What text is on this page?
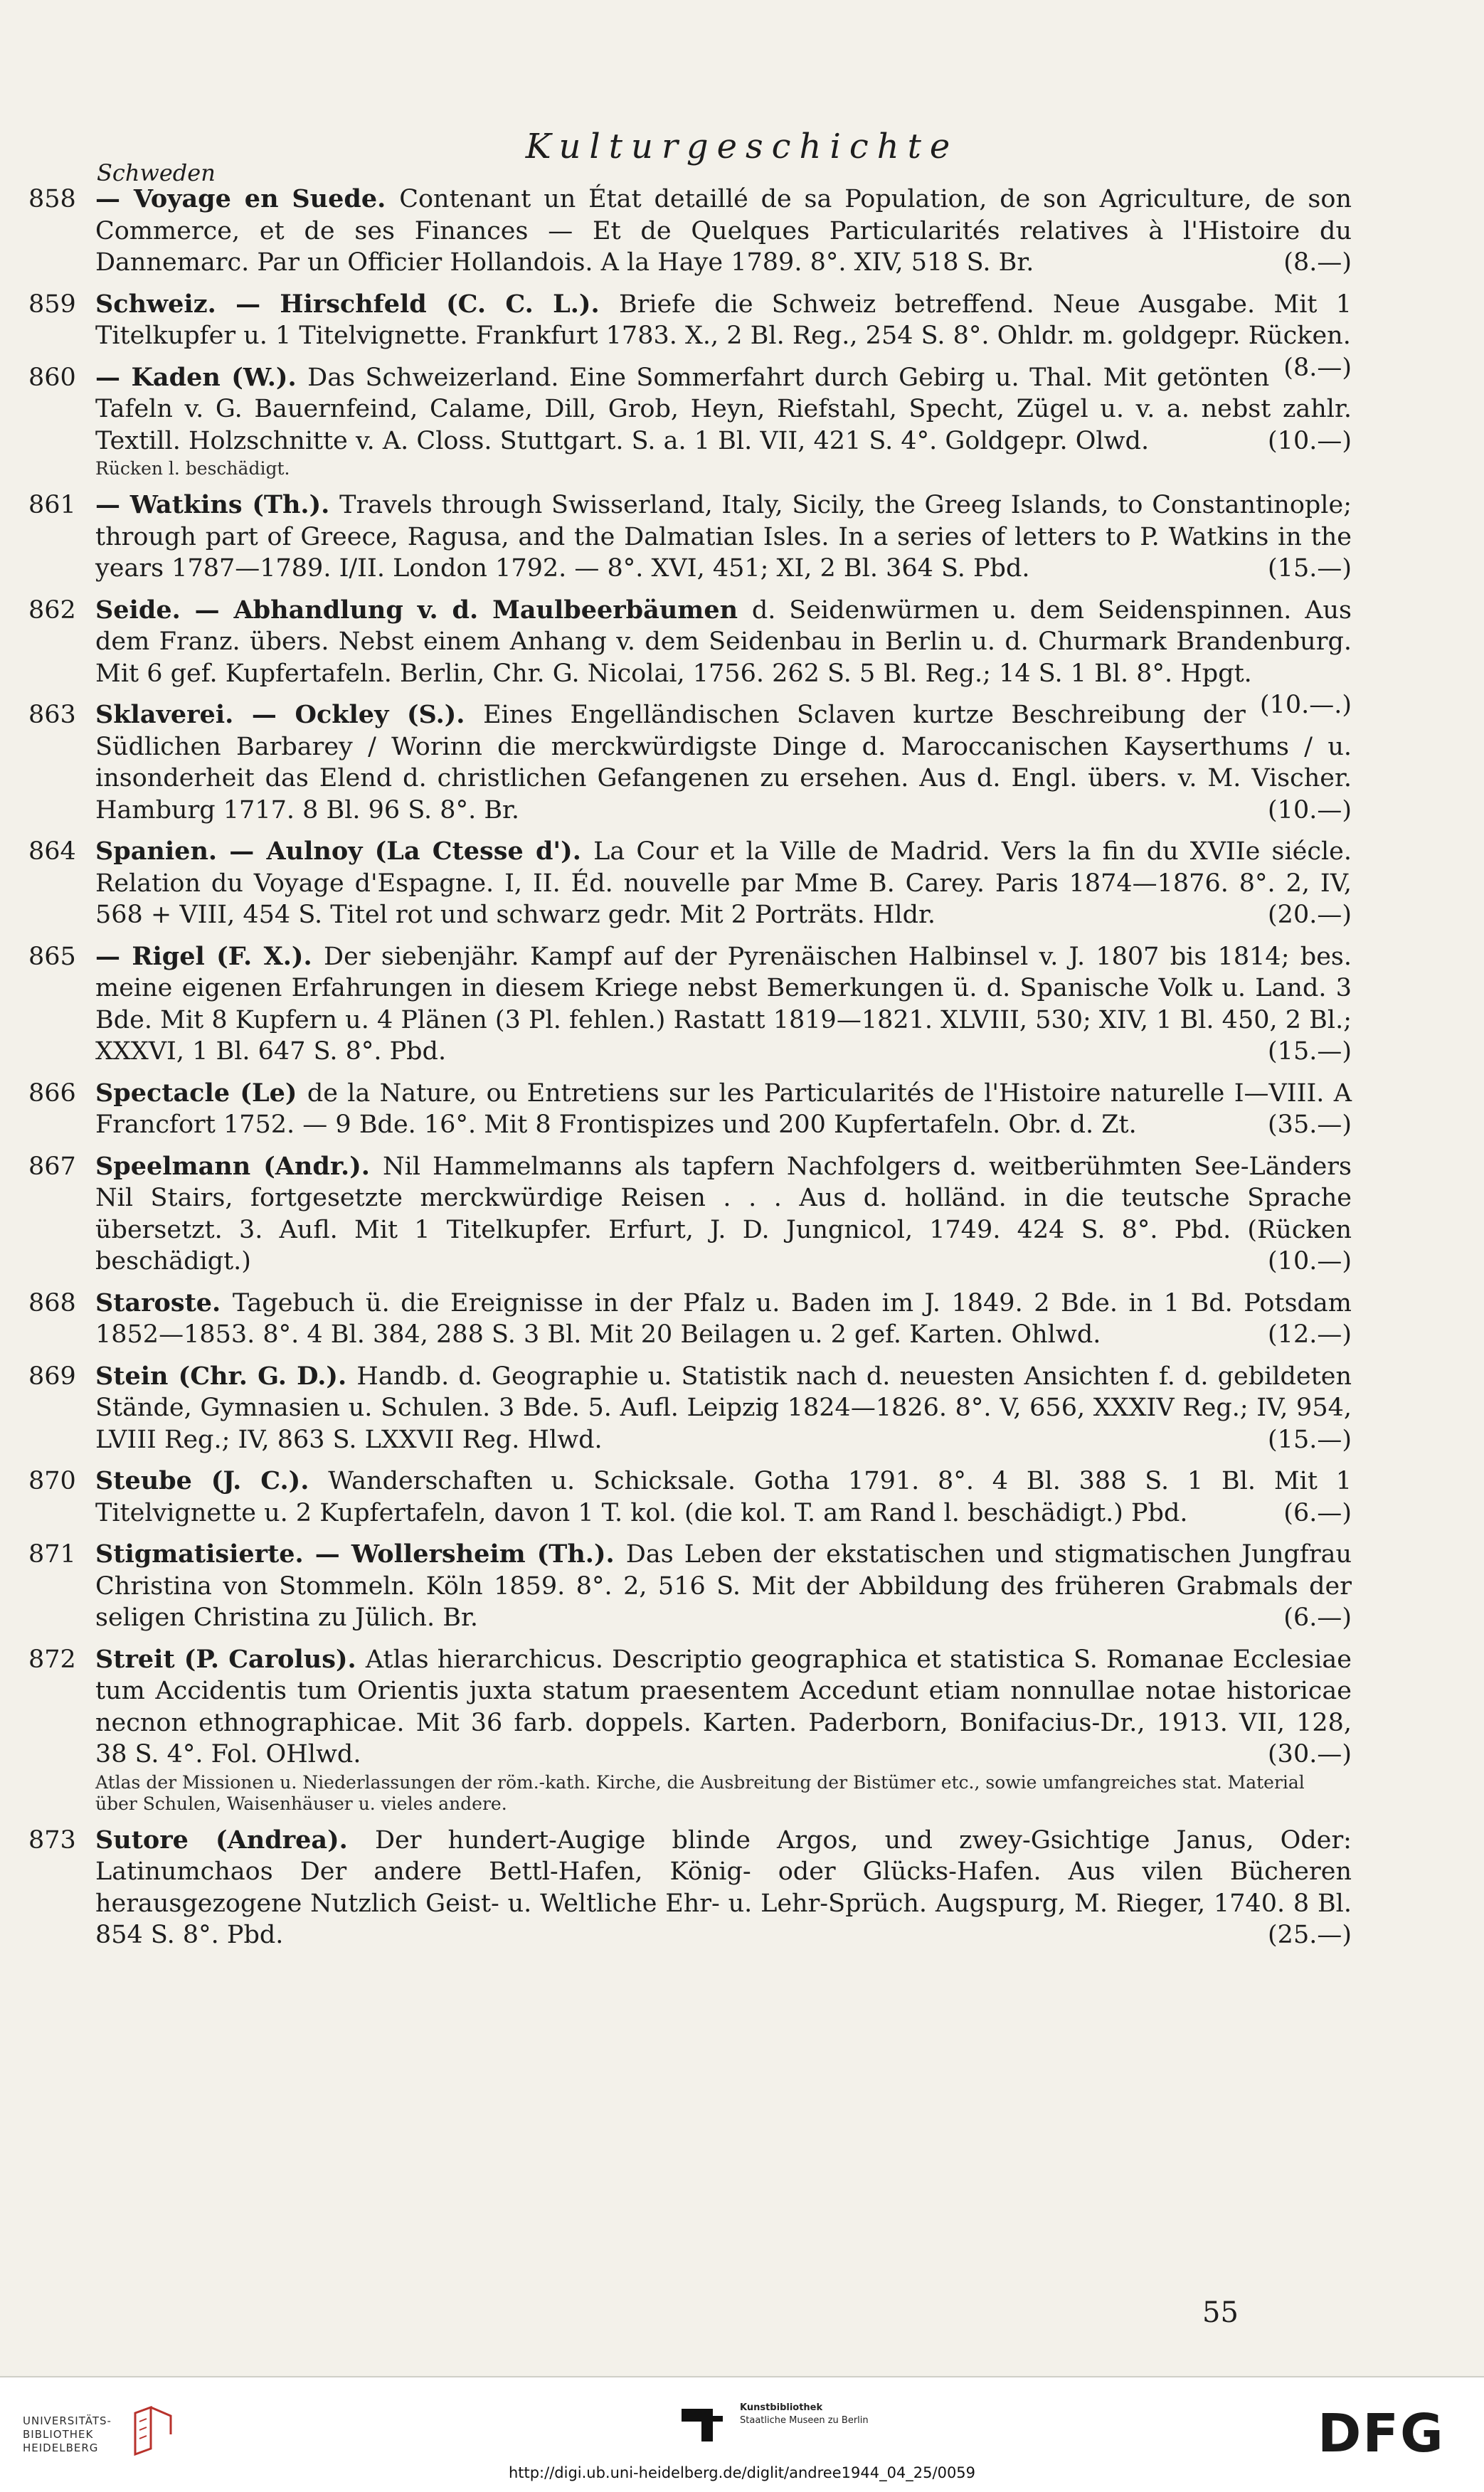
Kulturgeschichte
Schweden
858 — Voyage en Suede. Contenant un État detaillé de sa Population, de son Agriculture, de son Commerce, et de ses Finances — Et de Quelques Particularités relatives à l'Histoire du Dannemarc. Par un Officier Hollandois. A la Haye 1789. 8°. XIV, 518 S. Br.	(8.—)
859 Schweiz. — Hirschfeld (C. C. L.). Briefe die Schweiz betreffend. Neue Ausgabe. Mit 1 Titelkupfer u. 1 Titelvignette. Frankfurt 1783. X., 2 Bl. Reg., 254 S. 8°. Ohldr. m. goldgepr. Rücken.
(8.—)
860 — Kaden (W.). Das Schweizerland. Eine Sommerfahrt durch Gebirg u. Thal. Mit getönten Tafeln v. G. Bauernfeind, Calame, Dill, Grob, Heyn, Riefstahl, Specht, Zügel u. v. a. nebst zahlr. Textill. Holzschnitte v. A. Closs. Stuttgart. S. a. 1 Bl. VII, 421 S. 4°. Goldgepr. Olwd.	(10.—)
Rücken l. beschädigt.
861 — Watkins (Th.). Travels through Swisserland, Italy, Sicily, the Greeg Islands, to Constantinople; through part of Greece, Ragusa, and the Dalmatian Isles. In a series of letters to P. Watkins in the years 1787—1789. I/II. London 1792. — 8°. XVI, 451; XI, 2 Bl. 364 S. Pbd.	(15.—)
862 Seide. — Abhandlung v. d. Maulbeerbäumen d. Seidenwürmen u. dem Seidenspinnen. Aus dem Franz. übers. Nebst einem Anhang v. dem Seidenbau in Berlin u. d. Churmark Brandenburg. Mit 6 gef. Kupfertafeln. Berlin, Chr. G. Nicolai, 1756. 262 S. 5 Bl. Reg.; 14 S. 1 Bl. 8°. Hpgt.
(10.—.)
863 Sklaverei. — Ockley (S.). Eines Engelländischen Sclaven kurtze Beschreibung der Südlichen Barbarey / Worinn die merckwürdigste Dinge d. Maroccanischen Kayserthums / u. insonderheit das Elend d. christlichen Gefangenen zu ersehen. Aus d. Engl. übers. v. M. Vischer. Hamburg 1717. 8 Bl. 96 S. 8°. Br.	(10.—)
864 Spanien. — Aulnoy (La Ctesse d'). La Cour et la Ville de Madrid. Vers la fin du XVIIe siécle. Relation du Voyage d'Espagne. I, II. Éd. nouvelle par Mme B. Carey. Paris 1874—1876. 8°. 2, IV, 568 + VIII, 454 S. Titel rot und schwarz gedr. Mit 2 Porträts. Hldr.	(20.—)
865 — Rigel (F. X.). Der siebenjähr. Kampf auf der Pyrenäischen Halbinsel v. J. 1807 bis 1814; bes. meine eigenen Erfahrungen in diesem Kriege nebst Bemerkungen ü. d. Spanische Volk u. Land. 3 Bde. Mit 8 Kupfern u. 4 Plänen (3 Pl. fehlen.) Rastatt 1819—1821. XLVIII, 530; XIV, 1 Bl. 450, 2 Bl.; XXXVI, 1 Bl. 647 S. 8°. Pbd.	(15.—)
866 Spectacle (Le) de la Nature, ou Entretiens sur les Particularités de l'Histoire naturelle I—VIII. A Francfort 1752. — 9 Bde. 16°. Mit 8 Frontispizes und 200 Kupfertafeln. Obr. d. Zt.	(35.—)
867 Speelmann (Andr.). Nil Hammelmanns als tapfern Nachfolgers d. weitberühmten See-Länders Nil Stairs, fortgesetzte merckwürdige Reisen . . . Aus d. holländ. in die teutsche Sprache übersetzt. 3. Aufl. Mit 1 Titelkupfer. Erfurt, J. D. Jungnicol, 1749. 424 S. 8°. Pbd. (Rücken beschädigt.)	(10.—)
868 Staroste. Tagebuch ü. die Ereignisse in der Pfalz u. Baden im J. 1849. 2 Bde. in 1 Bd. Potsdam 1852—1853. 8°. 4 Bl. 384, 288 S. 3 Bl. Mit 20 Beilagen u. 2 gef. Karten. Ohlwd.	(12.—)
869 Stein (Chr. G. D.). Handb. d. Geographie u. Statistik nach d. neuesten Ansichten f. d. gebildeten Stände, Gymnasien u. Schulen. 3 Bde. 5. Aufl. Leipzig 1824—1826. 8°. V, 656, XXXIV Reg.; IV, 954, LVIII Reg.; IV, 863 S. LXXVII Reg. Hlwd.	(15.—)
870 Steube (J. C.). Wanderschaften u. Schicksale. Gotha 1791. 8°. 4 Bl. 388 S. 1 Bl. Mit 1 Titelvignette u. 2 Kupfertafeln, davon 1 T. kol. (die kol. T. am Rand l. beschädigt.) Pbd.	(6.—)
871 Stigmatisierte. — Wollersheim (Th.). Das Leben der ekstatischen und stigmatischen Jungfrau Christina von Stommeln. Köln 1859. 8°. 2, 516 S. Mit der Abbildung des früheren Grabmals der seligen Christina zu Jülich. Br.	(6.—)
872 Streit (P. Carolus). Atlas hierarchicus. Descriptio geographica et statistica S. Romanae Ecclesiae tum Accidentis tum Orientis juxta statum praesentem Accedunt etiam nonnullae notae historicae necnon ethnographicae. Mit 36 farb. doppels. Karten. Paderborn, Bonifacius-Dr., 1913. VII, 128, 38 S. 4°. Fol. OHlwd.	(30.—)
Atlas der Missionen u. Niederlassungen der röm.-kath. Kirche, die Ausbreitung der Bistümer etc., sowie umfangreiches stat. Material über Schulen, Waisenhäuser u. vieles andere.
873 Sutore (Andrea). Der hundert-Augige blinde Argos, und zwey-Gsichtige Janus, Oder: Latinumchaos Der andere Bettl-Hafen, König- oder Glücks-Hafen. Aus vilen Bücheren herausgezogene Nutzlich Geist- u. Weltliche Ehr- u. Lehr-Sprüch. Augspurg, M. Rieger, 1740. 8 Bl. 854 S. 8°. Pbd.	(25.—)
55
UNIVERSITÄTS-
BIBLIOTHEK
HEIDELBERG
Kunstbibliothek
Staatliche Museen zu Berlin	DFG
http://digi.ub.uni-heidelberg.de/diglit/andree1944_04_25/0059
